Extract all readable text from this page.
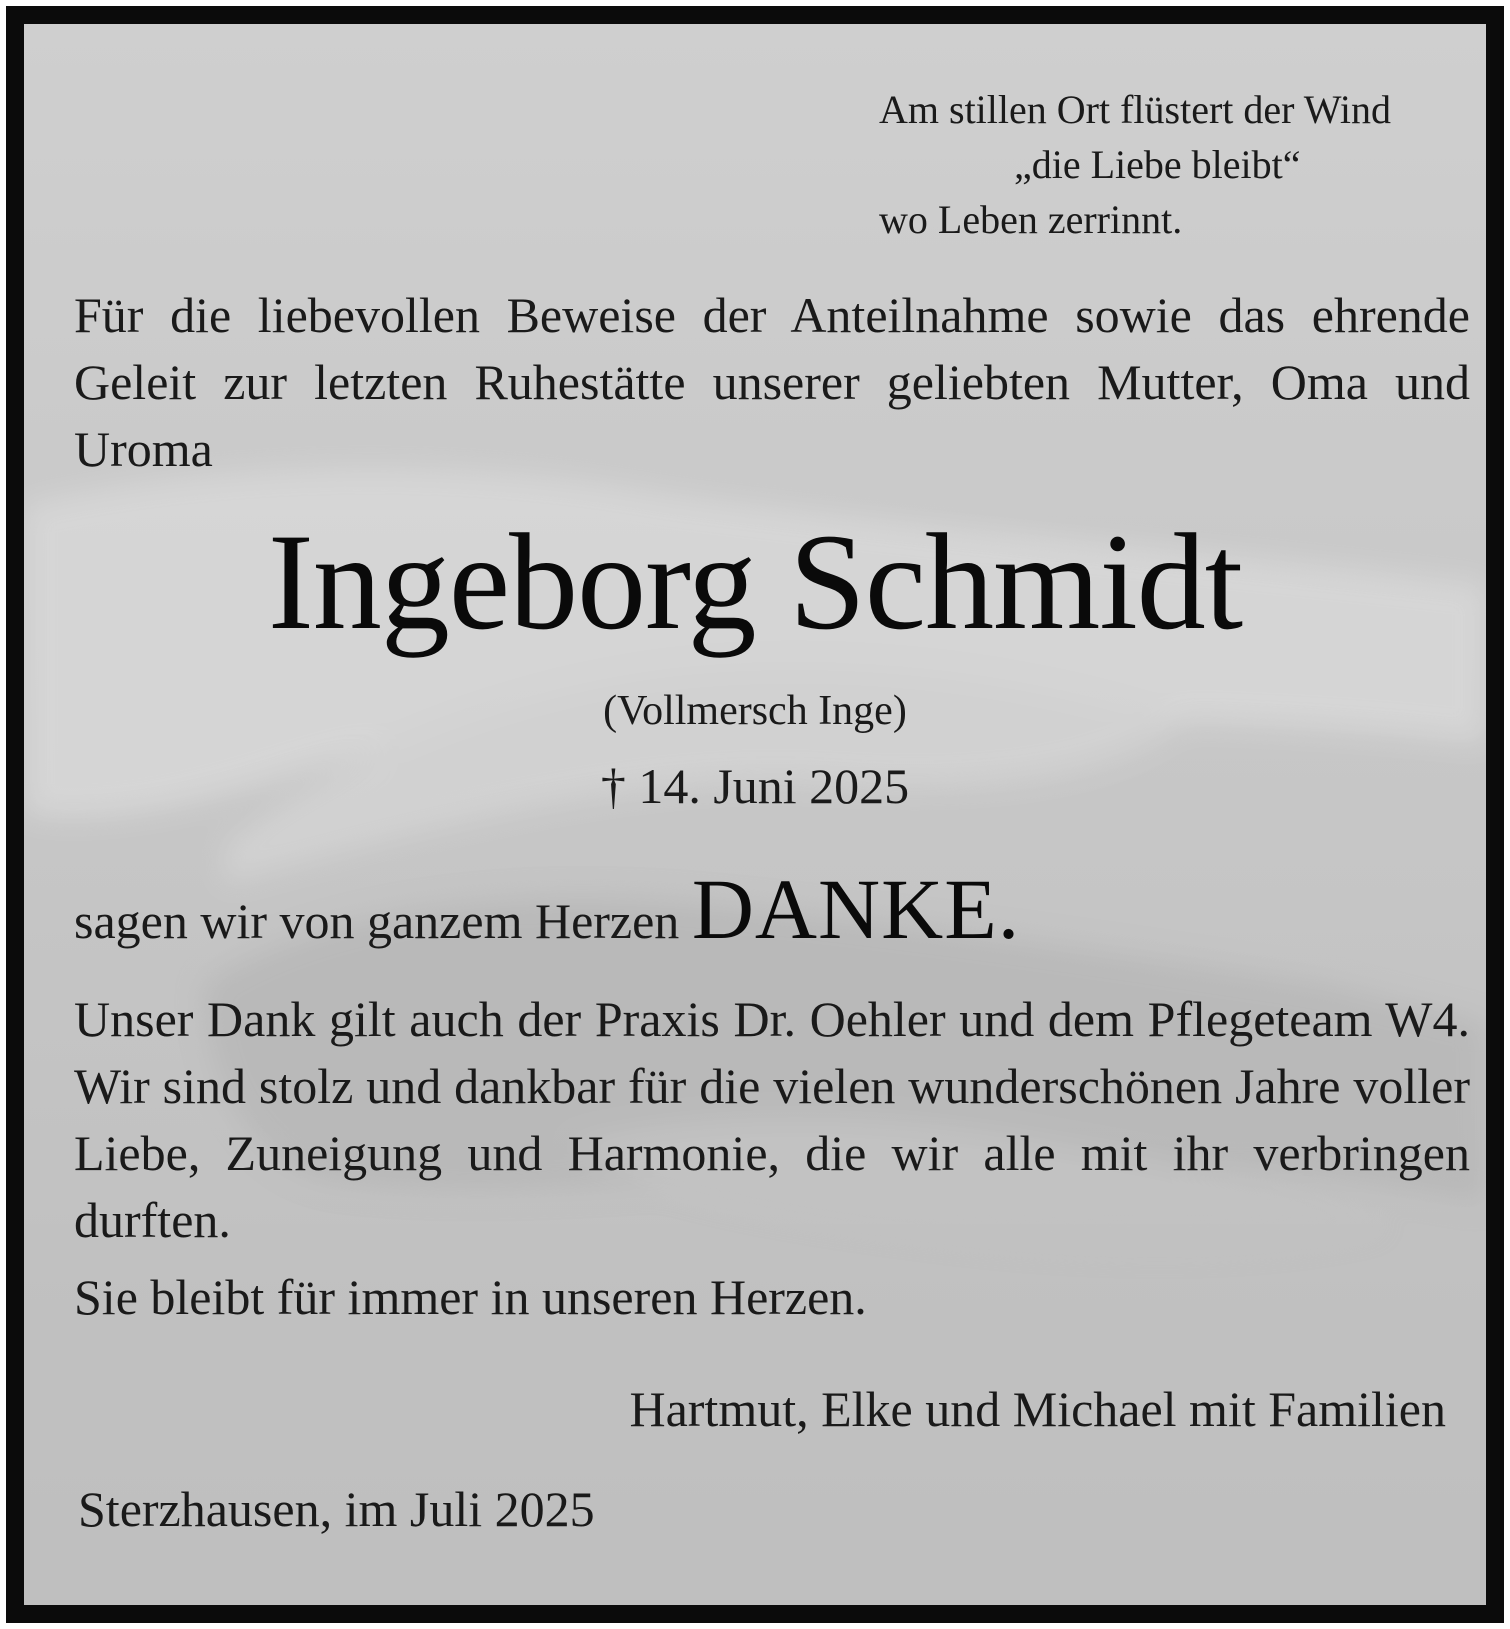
Am stillen Ort flüstert der Wind
„die Liebe bleibt“
wo Leben zerrinnt.
Für die liebevollen Beweise der Anteilnahme sowie das ehrende Geleit zur letzten Ruhestätte unserer geliebten Mutter, Oma und Uroma
Ingeborg Schmidt
(Vollmersch Inge)
† 14. Juni 2025
sagen wir von ganzem Herzen DANKE.
Unser Dank gilt auch der Praxis Dr. Oehler und dem Pflegeteam W4. Wir sind stolz und dankbar für die vielen wunderschönen Jahre voller Liebe, Zuneigung und Harmonie, die wir alle mit ihr verbringen durften.
Sie bleibt für immer in unseren Herzen.
Hartmut, Elke und Michael mit Familien
Sterzhausen, im Juli 2025
